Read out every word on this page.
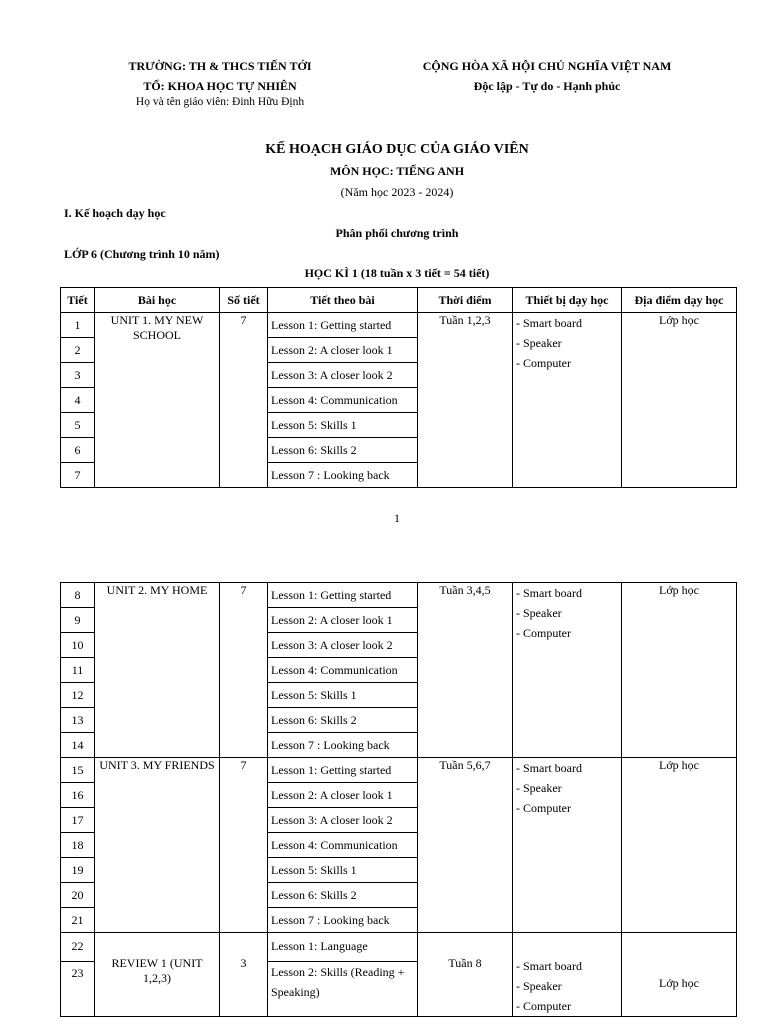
TRƯỜNG: TH & THCS TIẾN TỚI
TỔ: KHOA HỌC TỰ NHIÊN
Họ và tên giáo viên: Đinh Hữu Định
CỘNG HÒA XÃ HỘI CHỦ NGHĨA VIỆT NAM
Độc lập - Tự do - Hạnh phúc
KẾ HOẠCH GIÁO DỤC CỦA GIÁO VIÊN
MÔN HỌC: TIẾNG ANH
(Năm học 2023 - 2024)
I. Kế hoạch dạy học
Phân phối chương trình
LỚP 6 (Chương trình 10 năm)
HỌC KÌ 1 (18 tuần x 3 tiết = 54 tiết)
Tiết	Bài học	Số tiết	Tiết theo bài	Thời điểm	Thiết bị dạy học	Địa điểm dạy học
1	UNIT 1. MY NEW SCHOOL	7	Lesson 1: Getting started	Tuần 1,2,3	- Smart board
- Speaker
- Computer	Lớp học
2			Lesson 2: A closer look 1			
3			Lesson 3: A closer look 2			
4			Lesson 4: Communication			
5			Lesson 5: Skills 1			
6			Lesson 6: Skills 2			
7			Lesson 7 : Looking back			
1
8	UNIT 2. MY HOME	7	Lesson 1: Getting started	Tuần 3,4,5	- Smart board
- Speaker
- Computer	Lớp học
9			Lesson 2: A closer look 1			
10			Lesson 3: A closer look 2			
11			Lesson 4: Communication			
12			Lesson 5: Skills 1			
13			Lesson 6: Skills 2			
14			Lesson 7 : Looking back			
15	UNIT 3. MY FRIENDS	7	Lesson 1: Getting started	Tuần 5,6,7	- Smart board
- Speaker
- Computer	Lớp học
16			Lesson 2: A closer look 1			
17			Lesson 3: A closer look 2			
18			Lesson 4: Communication			
19			Lesson 5: Skills 1			
20			Lesson 6: Skills 2			
21			Lesson 7 : Looking back			
22	REVIEW 1 (UNIT 1,2,3)	3	Lesson 1: Language	Tuần 8	- Smart board
- Speaker
- Computer	Lớp học
23			Lesson 2: Skills (Reading + Speaking)			
